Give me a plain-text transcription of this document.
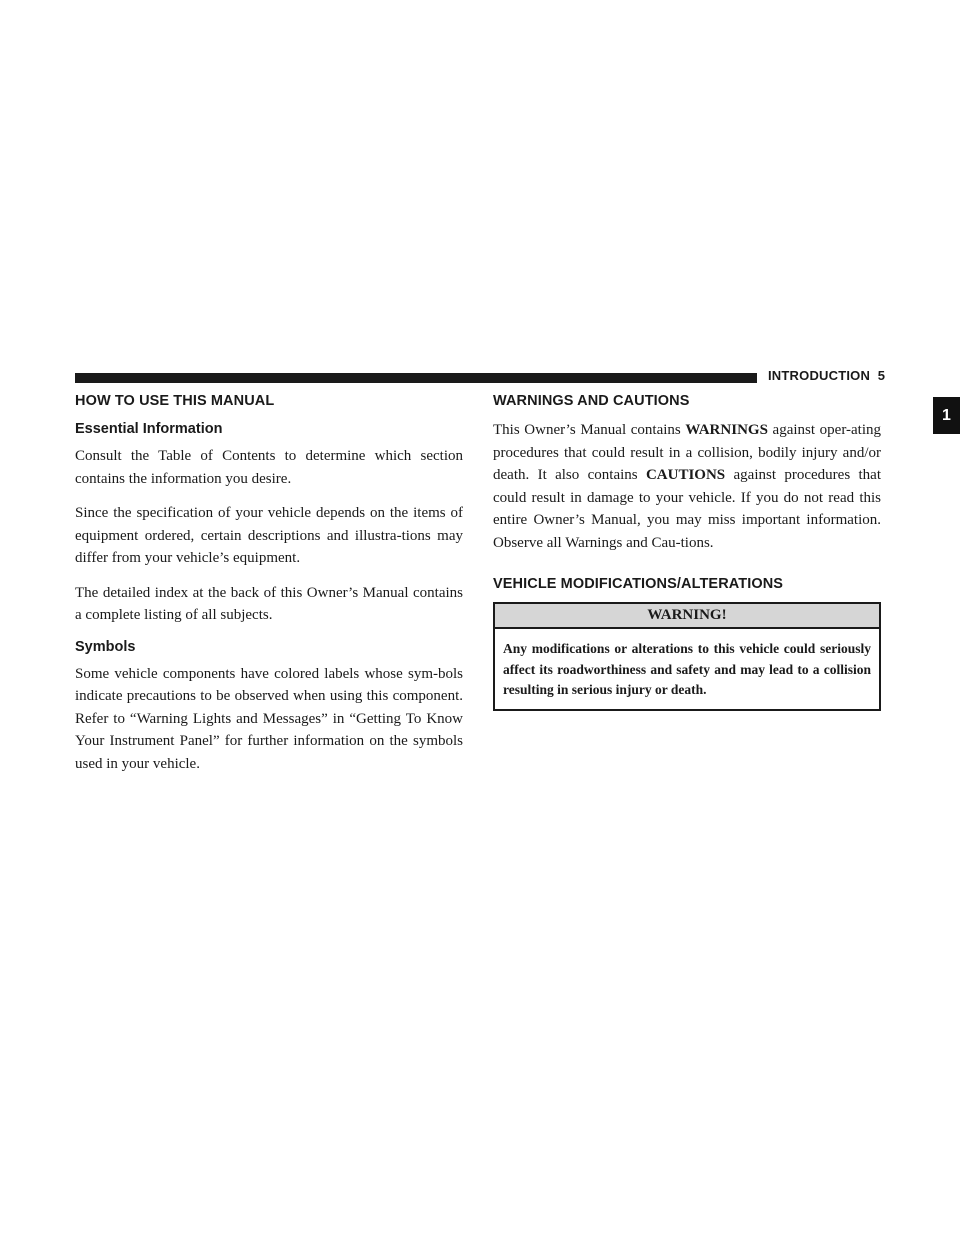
INTRODUCTION 5
1
HOW TO USE THIS MANUAL
Essential Information

Consult the Table of Contents to determine which section contains the information you desire.

Since the specification of your vehicle depends on the items of equipment ordered, certain descriptions and illustra-tions may differ from your vehicle’s equipment.

The detailed index at the back of this Owner’s Manual contains a complete listing of all subjects.

Symbols

Some vehicle components have colored labels whose sym-bols indicate precautions to be observed when using this component. Refer to “Warning Lights and Messages” in “Getting To Know Your Instrument Panel” for further information on the symbols used in your vehicle.

WARNINGS AND CAUTIONS

This Owner’s Manual contains WARNINGS against oper-ating procedures that could result in a collision, bodily injury and/or death. It also contains CAUTIONS against procedures that could result in damage to your vehicle. If you do not read this entire Owner’s Manual, you may miss important information. Observe all Warnings and Cau-tions.

VEHICLE MODIFICATIONS/ALTERATIONS
WARNING!
Any modifications or alterations to this vehicle could seriously affect its roadworthiness and safety and may lead to a collision resulting in serious injury or death.
